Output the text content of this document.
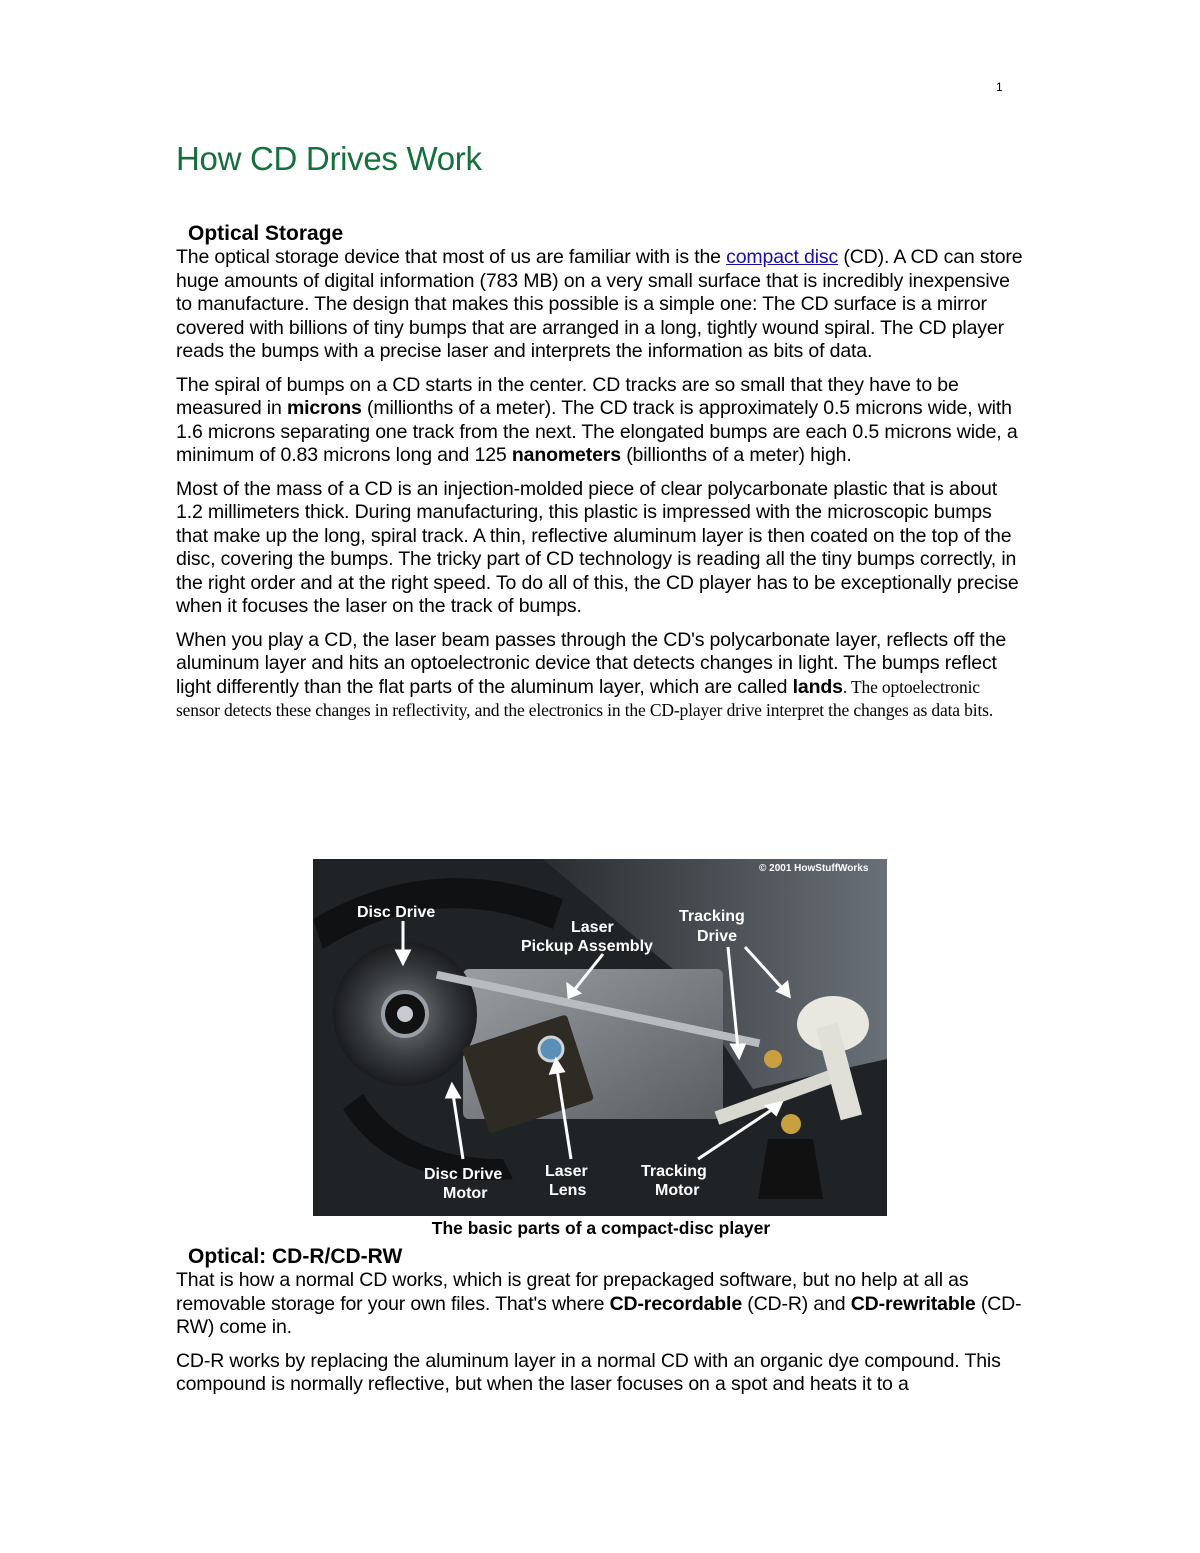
1
How CD Drives Work
Optical Storage

The optical storage device that most of us are familiar with is the compact disc (CD). A CD can store huge amounts of digital information (783 MB) on a very small surface that is incredibly inexpensive to manufacture. The design that makes this possible is a simple one: The CD surface is a mirror covered with billions of tiny bumps that are arranged in a long, tightly wound spiral. The CD player reads the bumps with a precise laser and interprets the information as bits of data.

The spiral of bumps on a CD starts in the center. CD tracks are so small that they have to be measured in microns (millionths of a meter). The CD track is approximately 0.5 microns wide, with 1.6 microns separating one track from the next. The elongated bumps are each 0.5 microns wide, a minimum of 0.83 microns long and 125 nanometers (billionths of a meter) high.

Most of the mass of a CD is an injection-molded piece of clear polycarbonate plastic that is about 1.2 millimeters thick. During manufacturing, this plastic is impressed with the microscopic bumps that make up the long, spiral track. A thin, reflective aluminum layer is then coated on the top of the disc, covering the bumps. The tricky part of CD technology is reading all the tiny bumps correctly, in the right order and at the right speed. To do all of this, the CD player has to be exceptionally precise when it focuses the laser on the track of bumps.

When you play a CD, the laser beam passes through the CD's polycarbonate layer, reflects off the aluminum layer and hits an optoelectronic device that detects changes in light. The bumps reflect light differently than the flat parts of the aluminum layer, which are called lands. The optoelectronic sensor detects these changes in reflectivity, and the electronics in the CD-player drive interpret the changes as data bits.

© 2001 HowStuffWorks
Disc Drive
Laser
Pickup Assembly
Tracking
Drive
Disc Drive
Motor
Laser
Lens
Tracking
Motor
The basic parts of a compact-disc player
Optical: CD-R/CD-RW

That is how a normal CD works, which is great for prepackaged software, but no help at all as removable storage for your own files. That's where CD-recordable (CD-R) and CD-rewritable (CD-RW) come in.

CD-R works by replacing the aluminum layer in a normal CD with an organic dye compound. This compound is normally reflective, but when the laser focuses on a spot and heats it to a
